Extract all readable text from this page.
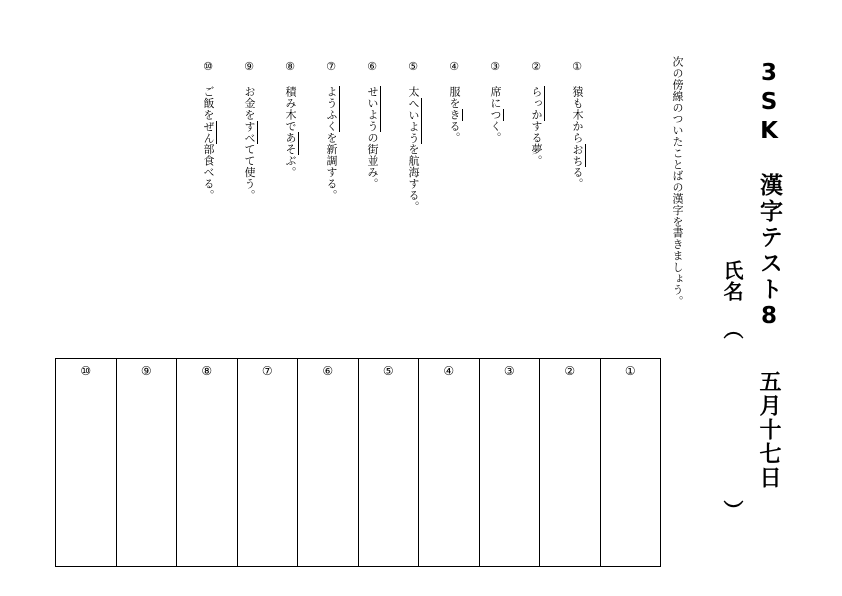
3SK　漢字テスト8
五月十七日
氏名
（
）
次の傍線のついたことばの漢字を書きましょう。
①
猿も木からおちる。
②
らっかする夢。
③
席につく。
④
服をきる。
⑤
太へいようを航海する。
⑥
せいようの街並み。
⑦
ようふくを新調する。
⑧
積み木であそぶ。
⑨
お金をすべてて使う。
⑩
ご飯をぜん部食べる。
⑩	⑨	⑧	⑦	⑥	⑤	④	③	②	①
